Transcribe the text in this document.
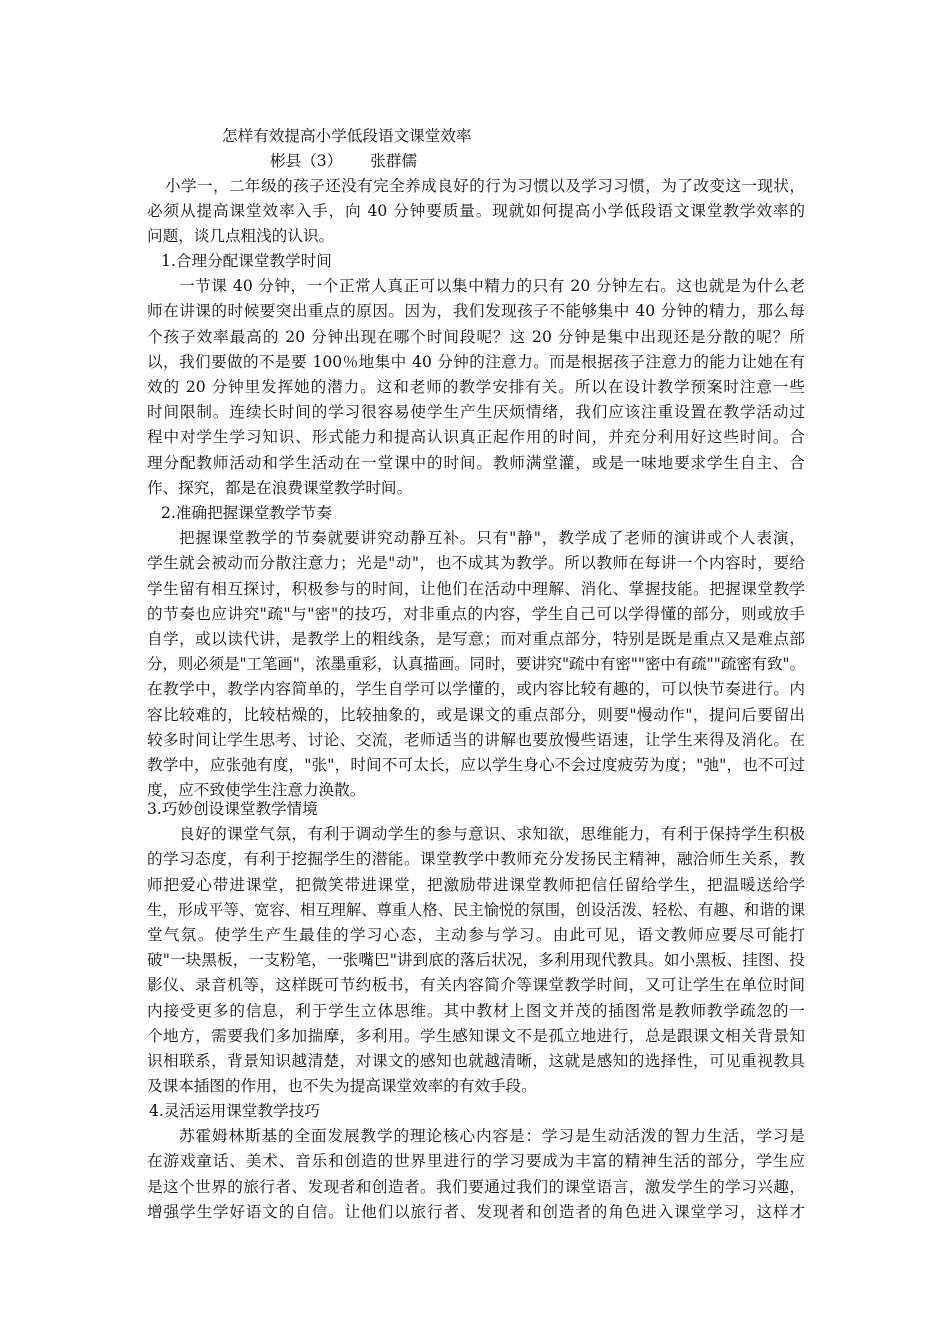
怎样有效提高小学低段语文课堂效率
彬县（3） 张群儒
小学一，二年级的孩子还没有完全养成良好的行为习惯以及学习习惯，为了改变这一现状，
必须从提高课堂效率入手，向 40 分钟要质量。现就如何提高小学低段语文课堂教学效率的
问题，谈几点粗浅的认识。
1.合理分配课堂教学时间
一节课 40 分钟，一个正常人真正可以集中精力的只有 20 分钟左右。这也就是为什么老
师在讲课的时候要突出重点的原因。因为，我们发现孩子不能够集中 40 分钟的精力，那么每
个孩子效率最高的 20 分钟出现在哪个时间段呢？这 20 分钟是集中出现还是分散的呢？所
以，我们要做的不是要 100％地集中 40 分钟的注意力。而是根据孩子注意力的能力让她在有
效的 20 分钟里发挥她的潜力。这和老师的教学安排有关。所以在设计教学预案时注意一些
时间限制。连续长时间的学习很容易使学生产生厌烦情绪，我们应该注重设置在教学活动过
程中对学生学习知识、形式能力和提高认识真正起作用的时间，并充分利用好这些时间。合
理分配教师活动和学生活动在一堂课中的时间。教师满堂灌，或是一味地要求学生自主、合
作、探究，都是在浪费课堂教学时间。
2.准确把握课堂教学节奏
把握课堂教学的节奏就要讲究动静互补。只有"静"，教学成了老师的演讲或个人表演，
学生就会被动而分散注意力；光是"动"，也不成其为教学。所以教师在每讲一个内容时，要给
学生留有相互探讨，积极参与的时间，让他们在活动中理解、消化、掌握技能。把握课堂教学
的节奏也应讲究"疏"与"密"的技巧，对非重点的内容，学生自己可以学得懂的部分，则或放手
自学，或以读代讲，是教学上的粗线条，是写意；而对重点部分，特别是既是重点又是难点部
分，则必须是"工笔画"，浓墨重彩，认真描画。同时，要讲究"疏中有密""密中有疏""疏密有致"。
在教学中，教学内容简单的，学生自学可以学懂的，或内容比较有趣的，可以快节奏进行。内
容比较难的，比较枯燥的，比较抽象的，或是课文的重点部分，则要"慢动作"，提问后要留出
较多时间让学生思考、讨论、交流，老师适当的讲解也要放慢些语速，让学生来得及消化。在
教学中，应张弛有度，"张"，时间不可太长，应以学生身心不会过度疲劳为度；"弛"，也不可过
度，应不致使学生注意力涣散。
3.巧妙创设课堂教学情境
良好的课堂气氛，有利于调动学生的参与意识、求知欲，思维能力，有利于保持学生积极
的学习态度，有利于挖掘学生的潜能。课堂教学中教师充分发扬民主精神，融洽师生关系，教
师把爱心带进课堂，把微笑带进课堂，把激励带进课堂教师把信任留给学生，把温暖送给学
生，形成平等、宽容、相互理解、尊重人格、民主愉悦的氛围，创设活泼、轻松、有趣、和谐的课
堂气氛。使学生产生最佳的学习心态，主动参与学习。由此可见，语文教师应要尽可能打
破"一块黑板，一支粉笔，一张嘴巴"讲到底的落后状况，多利用现代教具。如小黑板、挂图、投
影仪、录音机等，这样既可节约板书，有关内容简介等课堂教学时间，又可让学生在单位时间
内接受更多的信息，利于学生立体思维。其中教材上图文并茂的插图常是教师教学疏忽的一
个地方，需要我们多加揣摩，多利用。学生感知课文不是孤立地进行，总是跟课文相关背景知
识相联系，背景知识越清楚，对课文的感知也就越清晰，这就是感知的选择性，可见重视教具
及课本插图的作用，也不失为提高课堂效率的有效手段。
4.灵活运用课堂教学技巧
苏霍姆林斯基的全面发展教学的理论核心内容是：学习是生动活泼的智力生活，学习是
在游戏童话、美术、音乐和创造的世界里进行的学习要成为丰富的精神生活的部分，学生应
是这个世界的旅行者、发现者和创造者。我们要通过我们的课堂语言，激发学生的学习兴趣，
增强学生学好语文的自信。让他们以旅行者、发现者和创造者的角色进入课堂学习，这样才
